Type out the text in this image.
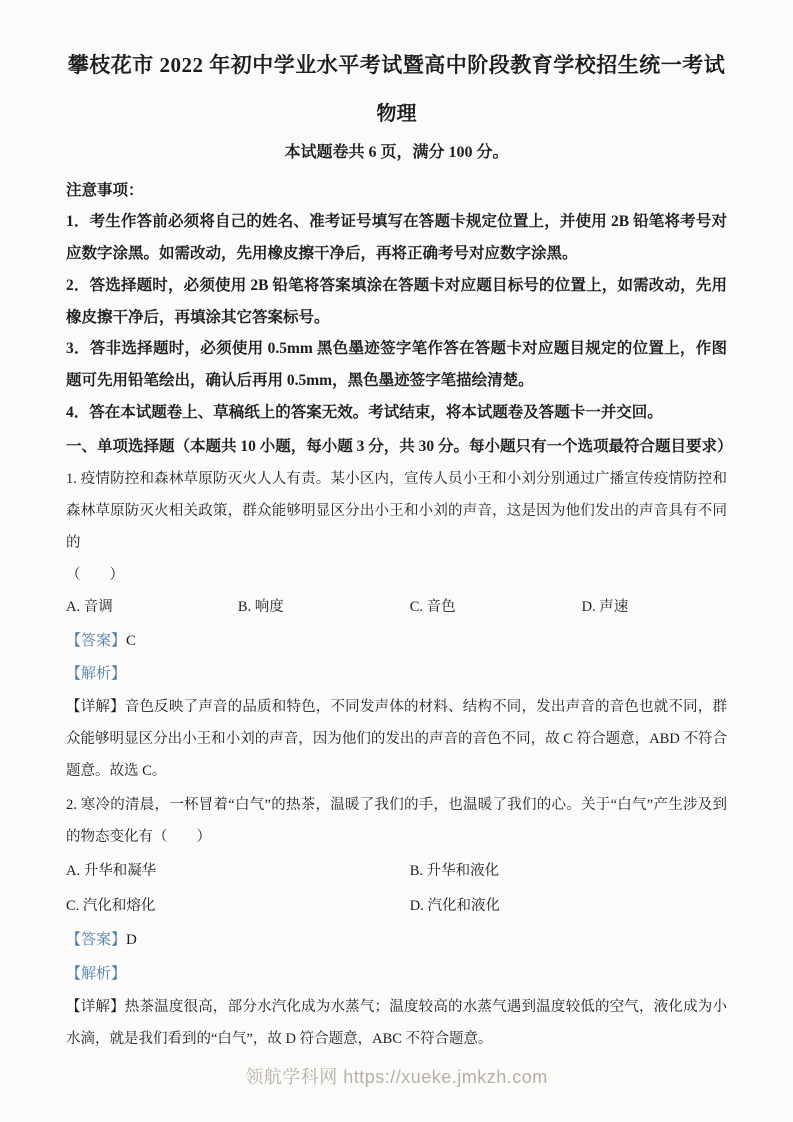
攀枝花市 2022 年初中学业水平考试暨高中阶段教育学校招生统一考试
物理

本试题卷共 6 页，满分 100 分。

注意事项：

1．考生作答前必须将自己的姓名、准考证号填写在答题卡规定位置上，并使用 2B 铅笔将考号对应数字涂黑。如需改动，先用橡皮擦干净后，再将正确考号对应数字涂黑。

2．答选择题时，必须使用 2B 铅笔将答案填涂在答题卡对应题目标号的位置上，如需改动，先用橡皮擦干净后，再填涂其它答案标号。

3．答非选择题时，必须使用 0.5mm 黑色墨迹签字笔作答在答题卡对应题目规定的位置上，作图题可先用铅笔绘出，确认后再用 0.5mm，黑色墨迹签字笔描绘清楚。

4．答在本试题卷上、草稿纸上的答案无效。考试结束，将本试题卷及答题卡一并交回。

一、单项选择题（本题共 10 小题，每小题 3 分，共 30 分。每小题只有一个选项最符合题目要求）

1. 疫情防控和森林草原防灭火人人有责。某小区内，宣传人员小王和小刘分别通过广播宣传疫情防控和森林草原防灭火相关政策，群众能够明显区分出小王和小刘的声音，这是因为他们发出的声音具有不同的

（　　）

A. 音调	B. 响度	C. 音色	D. 声速

【答案】C

【解析】

【详解】音色反映了声音的品质和特色，不同发声体的材料、结构不同，发出声音的音色也就不同，群众能够明显区分出小王和小刘的声音，因为他们的发出的声音的音色不同，故 C 符合题意，ABD 不符合题意。故选 C。

2. 寒冷的清晨，一杯冒着“白气”的热茶，温暖了我们的手，也温暖了我们的心。关于“白气”产生涉及到的物态变化有（　　）

A. 升华和凝华	B. 升华和液化
C. 汽化和熔化	D. 汽化和液化

【答案】D

【解析】

【详解】热茶温度很高，部分水汽化成为水蒸气；温度较高的水蒸气遇到温度较低的空气，液化成为小水滴，就是我们看到的“白气”，故 D 符合题意，ABC 不符合题意。

领航学科网 https://xueke.jmkzh.com
